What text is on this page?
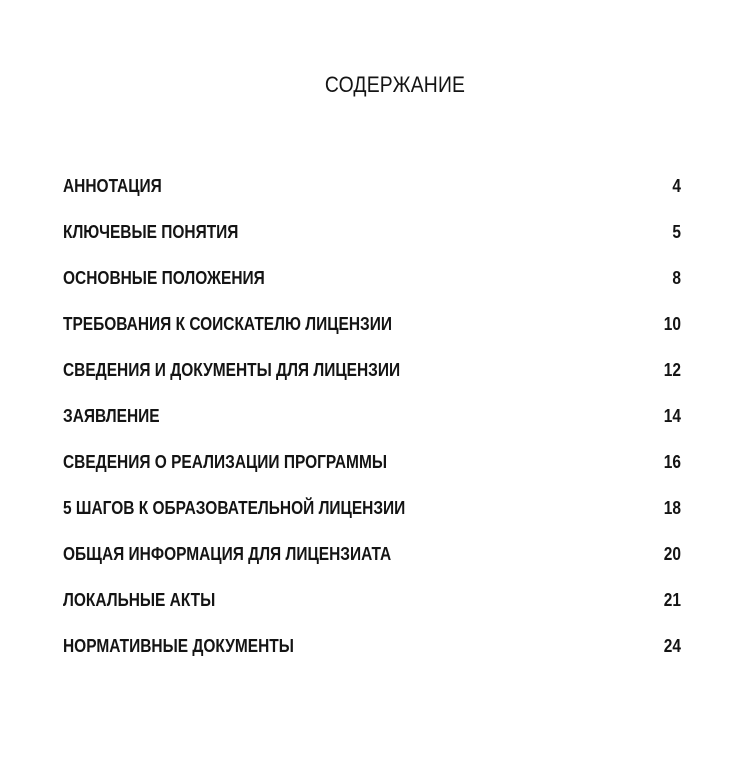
СОДЕРЖАНИЕ
АННОТАЦИЯ	4
КЛЮЧЕВЫЕ ПОНЯТИЯ	5
ОСНОВНЫЕ ПОЛОЖЕНИЯ	8
ТРЕБОВАНИЯ К СОИСКАТЕЛЮ ЛИЦЕНЗИИ	10
СВЕДЕНИЯ И ДОКУМЕНТЫ ДЛЯ ЛИЦЕНЗИИ	12
ЗАЯВЛЕНИЕ	14
СВЕДЕНИЯ О РЕАЛИЗАЦИИ ПРОГРАММЫ	16
5 ШАГОВ К ОБРАЗОВАТЕЛЬНОЙ ЛИЦЕНЗИИ	18
ОБЩАЯ ИНФОРМАЦИЯ ДЛЯ ЛИЦЕНЗИАТА	20
ЛОКАЛЬНЫЕ АКТЫ	21
НОРМАТИВНЫЕ ДОКУМЕНТЫ	24
